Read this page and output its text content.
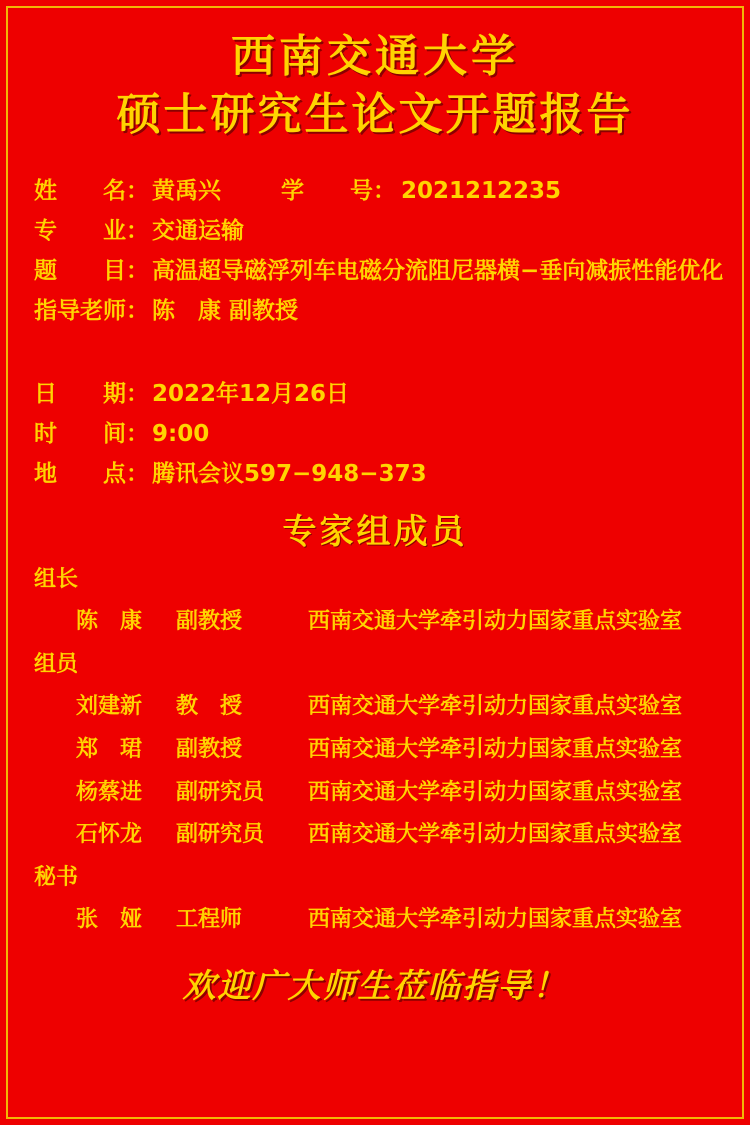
西南交通大学
硕士研究生论文开题报告
姓　　名： 黄禹兴	学　　号： 2021212235
专　　业： 交通运输
题　　目： 高温超导磁浮列车电磁分流阻尼器横−垂向减振性能优化
指导老师： 陈　康 副教授
日　　期： 2022年12月26日
时　　间： 9:00
地　　点： 腾讯会议597−948−373
专家组成员
组长
陈　康	副教授	西南交通大学牵引动力国家重点实验室
组员
刘建新	教　授	西南交通大学牵引动力国家重点实验室
郑　珺	副教授	西南交通大学牵引动力国家重点实验室
杨蔡进	副研究员	西南交通大学牵引动力国家重点实验室
石怀龙	副研究员	西南交通大学牵引动力国家重点实验室
秘书
张　娅	工程师	西南交通大学牵引动力国家重点实验室
欢迎广大师生莅临指导！
